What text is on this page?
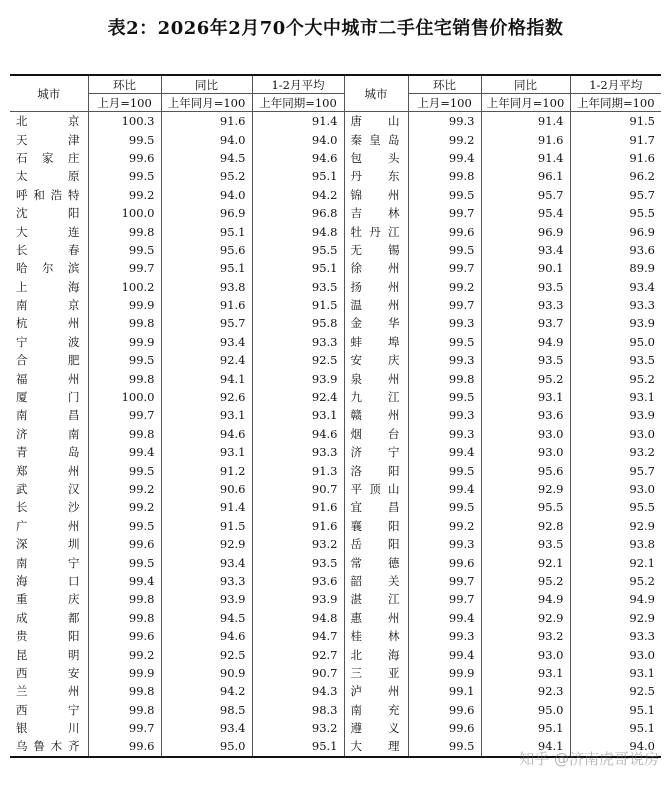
表2：2026年2月70个大中城市二手住宅销售价格指数
城市	环比	同比	1-2月平均	城市	环比	同比	1-2月平均
	上月=100	上年同月=100	上年同期=100		上月=100	上年同月=100	上年同期=100
北京	100.3	91.6	91.4	唐山	99.3	91.4	91.5
天津	99.5	94.0	94.0	秦皇岛	99.2	91.6	91.7
石家庄	99.6	94.5	94.6	包头	99.4	91.4	91.6
太原	99.5	95.2	95.1	丹东	99.8	96.1	96.2
呼和浩特	99.2	94.0	94.2	锦州	99.5	95.7	95.7
沈阳	100.0	96.9	96.8	吉林	99.7	95.4	95.5
大连	99.8	95.1	94.8	牡丹江	99.6	96.9	96.9
长春	99.5	95.6	95.5	无锡	99.5	93.4	93.6
哈尔滨	99.7	95.1	95.1	徐州	99.7	90.1	89.9
上海	100.2	93.8	93.5	扬州	99.2	93.5	93.4
南京	99.9	91.6	91.5	温州	99.7	93.3	93.3
杭州	99.8	95.7	95.8	金华	99.3	93.7	93.9
宁波	99.9	93.4	93.3	蚌埠	99.5	94.9	95.0
合肥	99.5	92.4	92.5	安庆	99.3	93.5	93.5
福州	99.8	94.1	93.9	泉州	99.8	95.2	95.2
厦门	100.0	92.6	92.4	九江	99.5	93.1	93.1
南昌	99.7	93.1	93.1	赣州	99.3	93.6	93.9
济南	99.8	94.6	94.6	烟台	99.3	93.0	93.0
青岛	99.4	93.1	93.3	济宁	99.4	93.0	93.2
郑州	99.5	91.2	91.3	洛阳	99.5	95.6	95.7
武汉	99.2	90.6	90.7	平顶山	99.4	92.9	93.0
长沙	99.2	91.4	91.6	宜昌	99.5	95.5	95.5
广州	99.5	91.5	91.6	襄阳	99.2	92.8	92.9
深圳	99.6	92.9	93.2	岳阳	99.3	93.5	93.8
南宁	99.5	93.4	93.5	常德	99.6	92.1	92.1
海口	99.4	93.3	93.6	韶关	99.7	95.2	95.2
重庆	99.8	93.9	93.9	湛江	99.7	94.9	94.9
成都	99.8	94.5	94.8	惠州	99.4	92.9	92.9
贵阳	99.6	94.6	94.7	桂林	99.3	93.2	93.3
昆明	99.2	92.5	92.7	北海	99.4	93.0	93.0
西安	99.9	90.9	90.7	三亚	99.9	93.1	93.1
兰州	99.8	94.2	94.3	泸州	99.1	92.3	92.5
西宁	99.8	98.5	98.3	南充	99.6	95.0	95.1
银川	99.7	93.4	93.2	遵义	99.6	95.1	95.1
乌鲁木齐	99.6	95.0	95.1	大理	99.5	94.1	94.0
知乎 @济南虎哥说房
